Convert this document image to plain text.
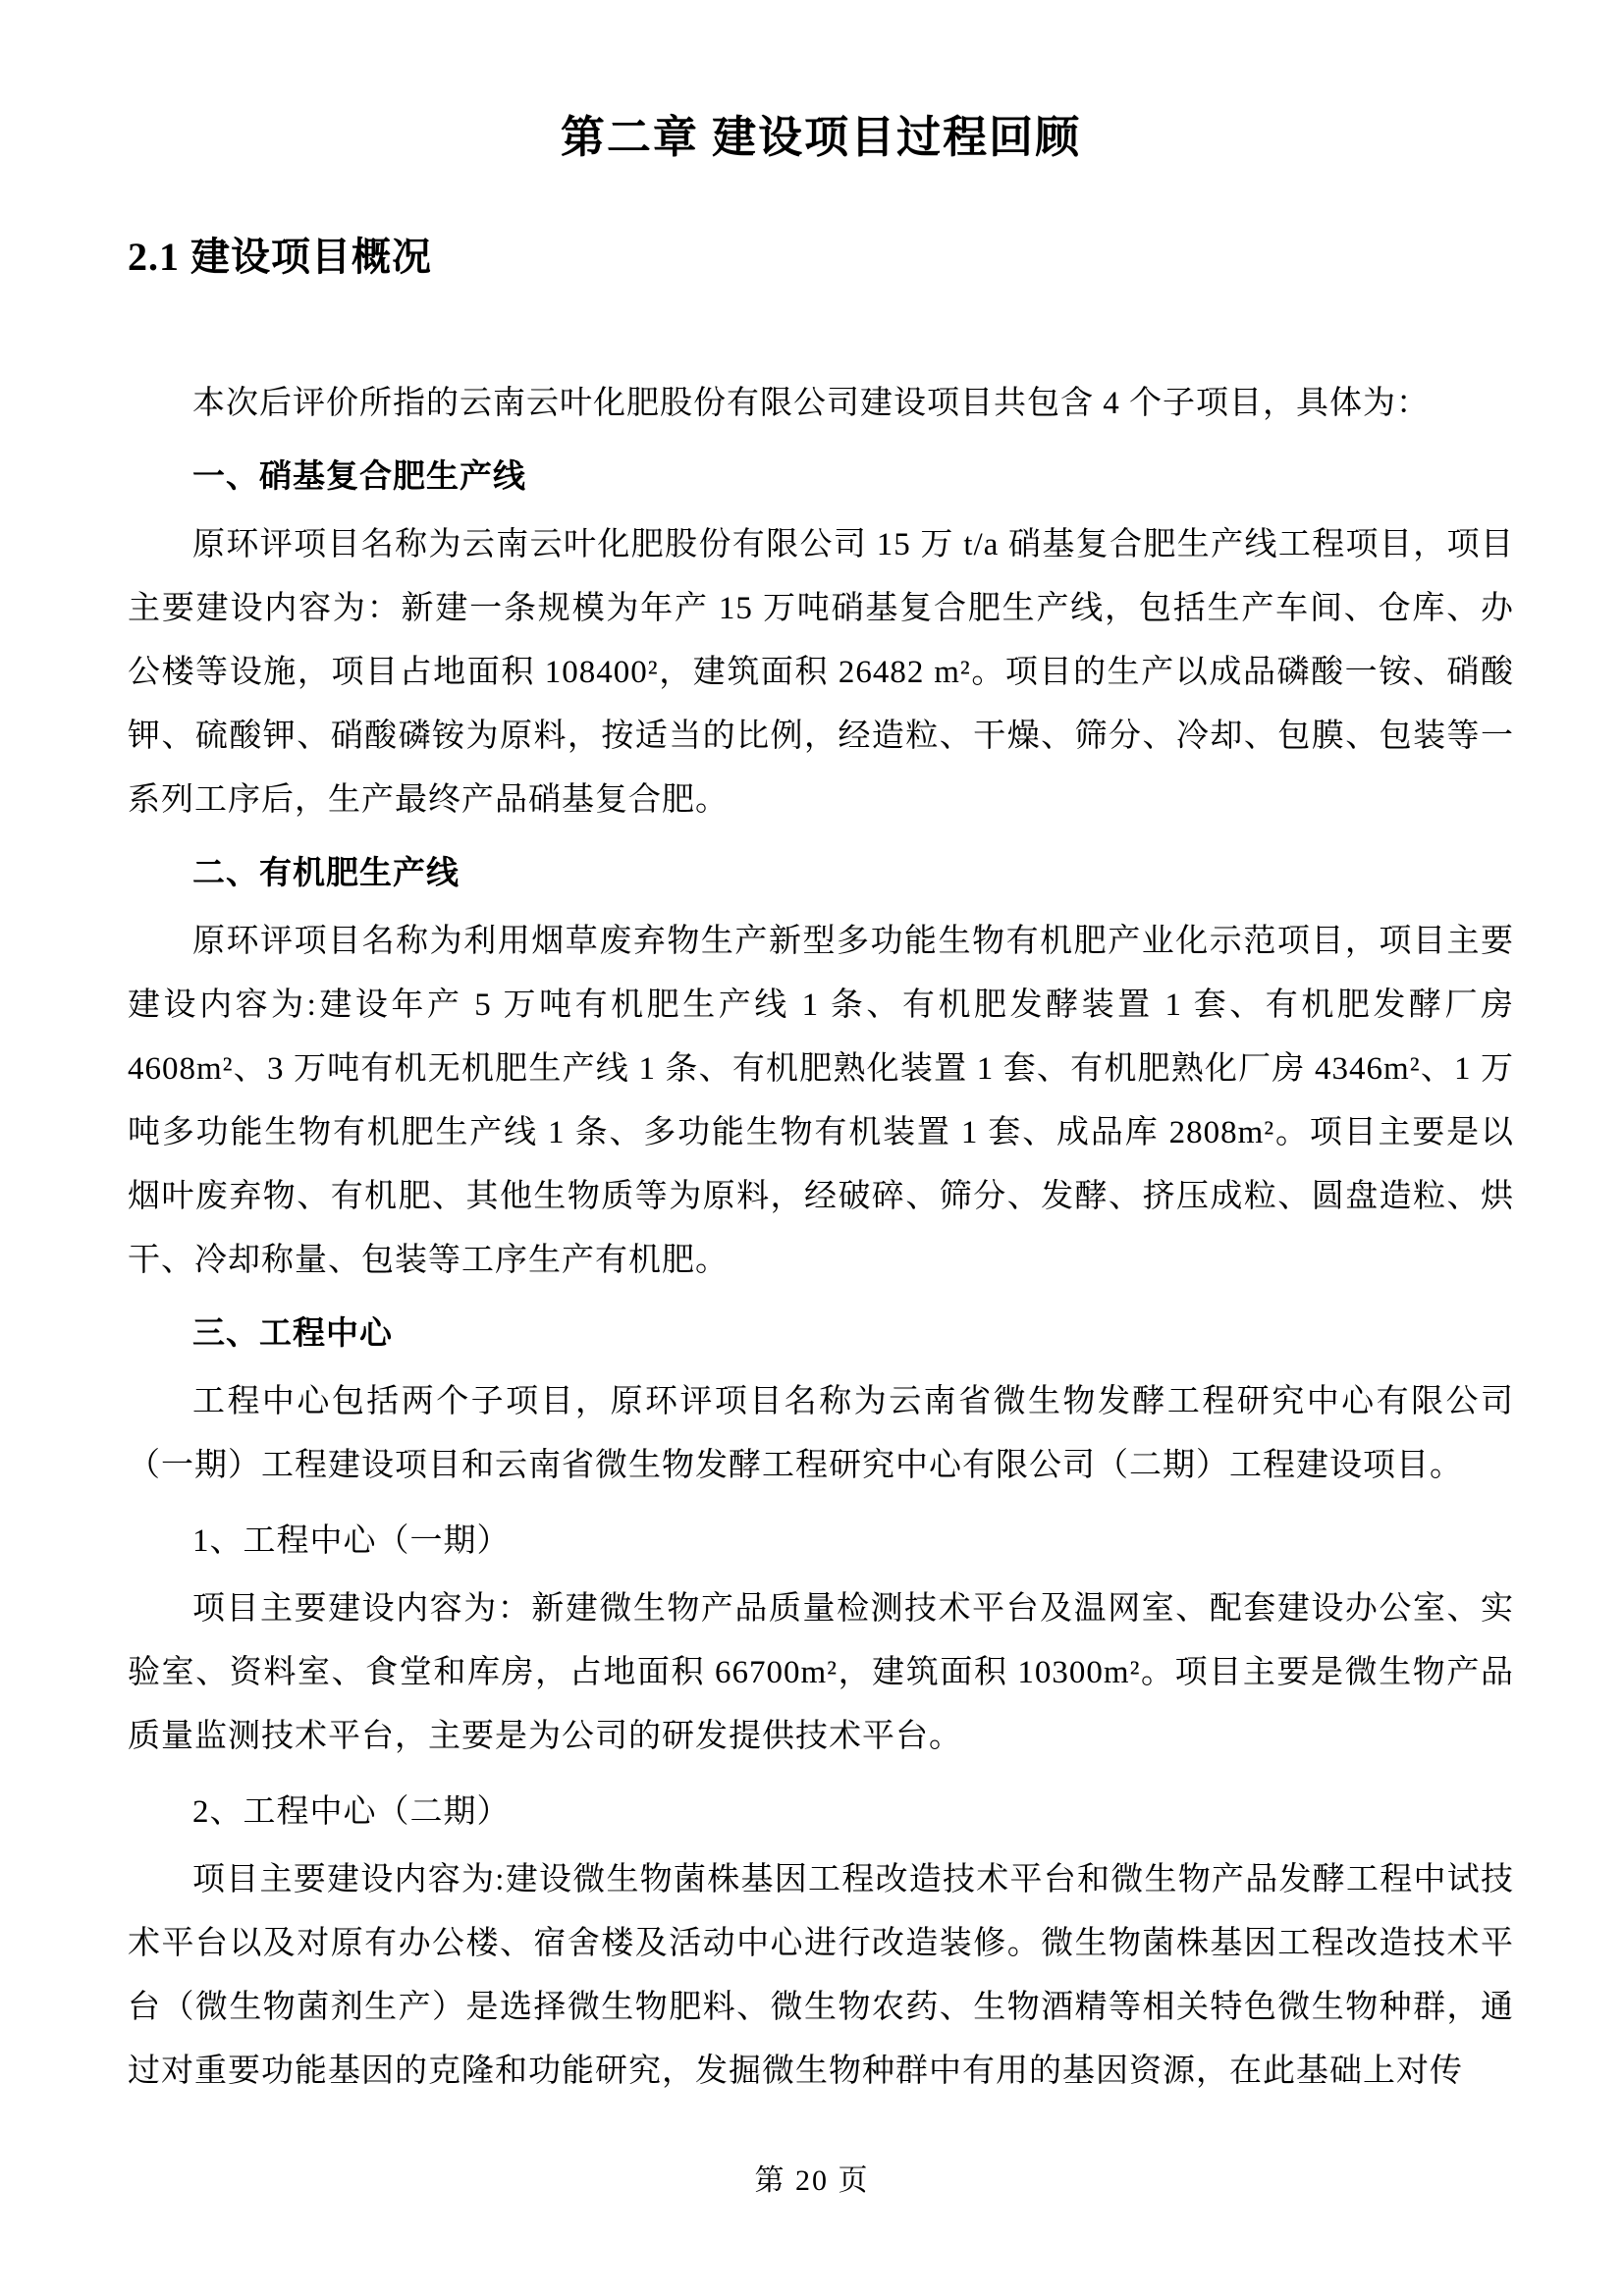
第二章 建设项目过程回顾
2.1 建设项目概况

本次后评价所指的云南云叶化肥股份有限公司建设项目共包含 4 个子项目，具体为：

一、硝基复合肥生产线

原环评项目名称为云南云叶化肥股份有限公司 15 万 t/a 硝基复合肥生产线工程项目，项目主要建设内容为：新建一条规模为年产 15 万吨硝基复合肥生产线，包括生产车间、仓库、办公楼等设施，项目占地面积 108400²，建筑面积 26482 m²。项目的生产以成品磷酸一铵、硝酸钾、硫酸钾、硝酸磷铵为原料，按适当的比例，经造粒、干燥、筛分、冷却、包膜、包装等一系列工序后，生产最终产品硝基复合肥。

二、有机肥生产线

原环评项目名称为利用烟草废弃物生产新型多功能生物有机肥产业化示范项目，项目主要建设内容为:建设年产 5 万吨有机肥生产线 1 条、有机肥发酵装置 1 套、有机肥发酵厂房 4608m²、3 万吨有机无机肥生产线 1 条、有机肥熟化装置 1 套、有机肥熟化厂房 4346m²、1 万吨多功能生物有机肥生产线 1 条、多功能生物有机装置 1 套、成品库 2808m²。项目主要是以烟叶废弃物、有机肥、其他生物质等为原料，经破碎、筛分、发酵、挤压成粒、圆盘造粒、烘干、冷却称量、包装等工序生产有机肥。

三、工程中心

工程中心包括两个子项目，原环评项目名称为云南省微生物发酵工程研究中心有限公司（一期）工程建设项目和云南省微生物发酵工程研究中心有限公司（二期）工程建设项目。

1、工程中心（一期）

项目主要建设内容为：新建微生物产品质量检测技术平台及温网室、配套建设办公室、实验室、资料室、食堂和库房，占地面积 66700m²，建筑面积 10300m²。项目主要是微生物产品质量监测技术平台，主要是为公司的研发提供技术平台。

2、工程中心（二期）

项目主要建设内容为:建设微生物菌株基因工程改造技术平台和微生物产品发酵工程中试技术平台以及对原有办公楼、宿舍楼及活动中心进行改造装修。微生物菌株基因工程改造技术平台（微生物菌剂生产）是选择微生物肥料、微生物农药、生物酒精等相关特色微生物种群，通过对重要功能基因的克隆和功能研究，发掘微生物种群中有用的基因资源，在此基础上对传

第 20 页
